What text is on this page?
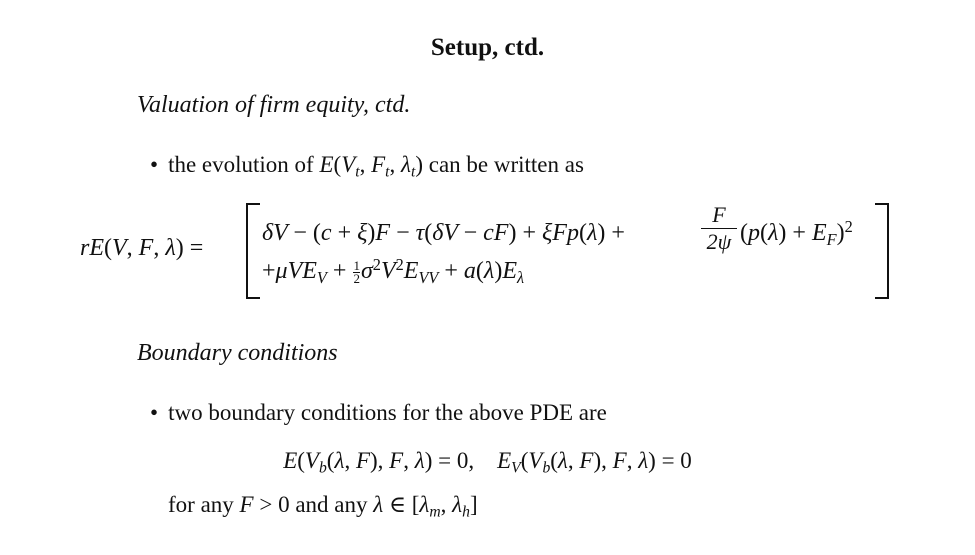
Setup, ctd.
Valuation of firm equity, ctd.
• the evolution of $E(V_t$, $F_t$, $\lambda_t$) can be written as
rE(V, F, λ) =
δV − (c + ξ)F − τ(δV − cF) + ξFp(λ) +
F
2ψ $(p(\lambda) + E_F)^2$
$+\mu VE_V + \frac{1}{2} \sigma^2V^2E_{VV} + a(\lambda)E_\lambda$
Boundary conditions
• two boundary conditions for the above PDE are
$E(V_b(\lambda$, F), F, λ) = 0,    $E_V(V_b(\lambda$, F), F, λ) = 0
for any F > 0 and any λ ∈ [$\lambda_m$, $\lambda_h$]
